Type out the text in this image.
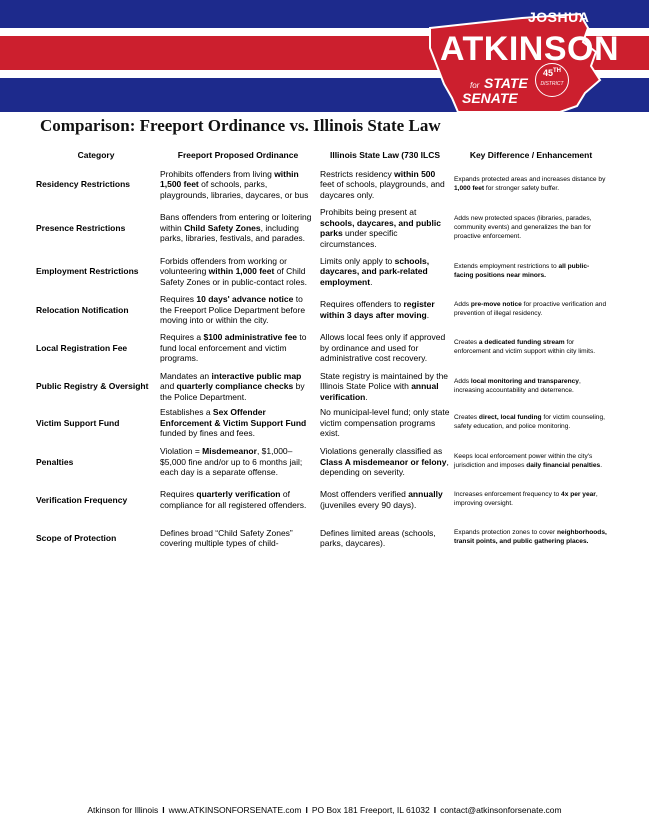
JOSHUA

ATKINSON

for STATE
SENATE
45TH
DISTRICT
Comparison: Freeport Ordinance vs. Illinois State Law
Category	Freeport Proposed Ordinance	Illinois State Law (730 ILCS	Key Difference / Enhancement
Residency Restrictions	Prohibits offenders from living within 1,500 feet of schools, parks, playgrounds, libraries, daycares, or bus	Restricts residency within 500 feet of schools, playgrounds, and daycares only.	Expands protected areas and increases distance by 1,000 feet for stronger safety buffer.
Presence Restrictions	Bans offenders from entering or loitering within Child Safety Zones, including parks, libraries, festivals, and parades.	Prohibits being present at schools, daycares, and public parks under specific circumstances.	Adds new protected spaces (libraries, parades, community events) and generalizes the ban for proactive enforcement.
Employment Restrictions	Forbids offenders from working or volunteering within 1,000 feet of Child Safety Zones or in public-contact roles.	Limits only apply to schools, daycares, and park-related employment.	Extends employment restrictions to all public-facing positions near minors.
Relocation Notification	Requires 10 days' advance notice to the Freeport Police Department before moving into or within the city.	Requires offenders to register within 3 days after moving.	Adds pre-move notice for proactive verification and prevention of illegal residency.
Local Registration Fee	Requires a $100 administrative fee to fund local enforcement and victim programs.	Allows local fees only if approved by ordinance and used for administrative cost recovery.	Creates a dedicated funding stream for enforcement and victim support within city limits.
Public Registry & Oversight	Mandates an interactive public map and quarterly compliance checks by the Police Department.	State registry is maintained by the Illinois State Police with annual verification.	Adds local monitoring and transparency, increasing accountability and deterrence.
Victim Support Fund	Establishes a Sex Offender Enforcement & Victim Support Fund funded by fines and fees.	No municipal-level fund; only state victim compensation programs exist.	Creates direct, local funding for victim counseling, safety education, and police monitoring.
Penalties	Violation = Misdemeanor, $1,000–$5,000 fine and/or up to 6 months jail; each day is a separate offense.	Violations generally classified as Class A misdemeanor or felony, depending on severity.	Keeps local enforcement power within the city's jurisdiction and imposes daily financial penalties.
Verification Frequency	Requires quarterly verification of compliance for all registered offenders.	Most offenders verified annually (juveniles every 90 days).	Increases enforcement frequency to 4x per year, improving oversight.
Scope of Protection	Defines broad “Child Safety Zones” covering multiple types of child-	Defines limited areas (schools, parks, daycares).	Expands protection zones to cover neighborhoods, transit points, and public gathering places.
Atkinson for Illinois I www.ATKINSONFORSENATE.com I PO Box 181 Freeport, IL 61032 I contact@atkinsonforsenate.com
